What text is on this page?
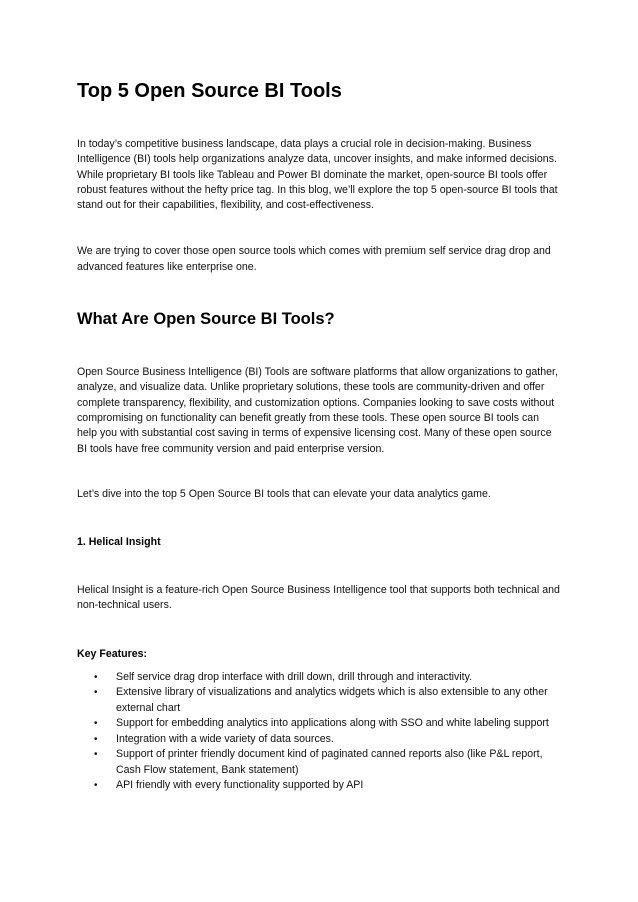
Top 5 Open Source BI Tools

In today’s competitive business landscape, data plays a crucial role in decision-making. Business Intelligence (BI) tools help organizations analyze data, uncover insights, and make informed decisions. While proprietary BI tools like Tableau and Power BI dominate the market, open-source BI tools offer robust features without the hefty price tag. In this blog, we’ll explore the top 5 open-source BI tools that stand out for their capabilities, flexibility, and cost-effectiveness.

We are trying to cover those open source tools which comes with premium self service drag drop and advanced features like enterprise one.

What Are Open Source BI Tools?

Open Source Business Intelligence (BI) Tools are software platforms that allow organizations to gather, analyze, and visualize data. Unlike proprietary solutions, these tools are community-driven and offer complete transparency, flexibility, and customization options. Companies looking to save costs without compromising on functionality can benefit greatly from these tools. These open source BI tools can help you with substantial cost saving in terms of expensive licensing cost. Many of these open source BI tools have free community version and paid enterprise version.

Let’s dive into the top 5 Open Source BI tools that can elevate your data analytics game.

1. Helical Insight

Helical Insight is a feature-rich Open Source Business Intelligence tool that supports both technical and non-technical users.

Key Features:

• Self service drag drop interface with drill down, drill through and interactivity.
• Extensive library of visualizations and analytics widgets which is also extensible to any other external chart
• Support for embedding analytics into applications along with SSO and white labeling support
• Integration with a wide variety of data sources.
• Support of printer friendly document kind of paginated canned reports also (like P&L report, Cash Flow statement, Bank statement)
• API friendly with every functionality supported by API
